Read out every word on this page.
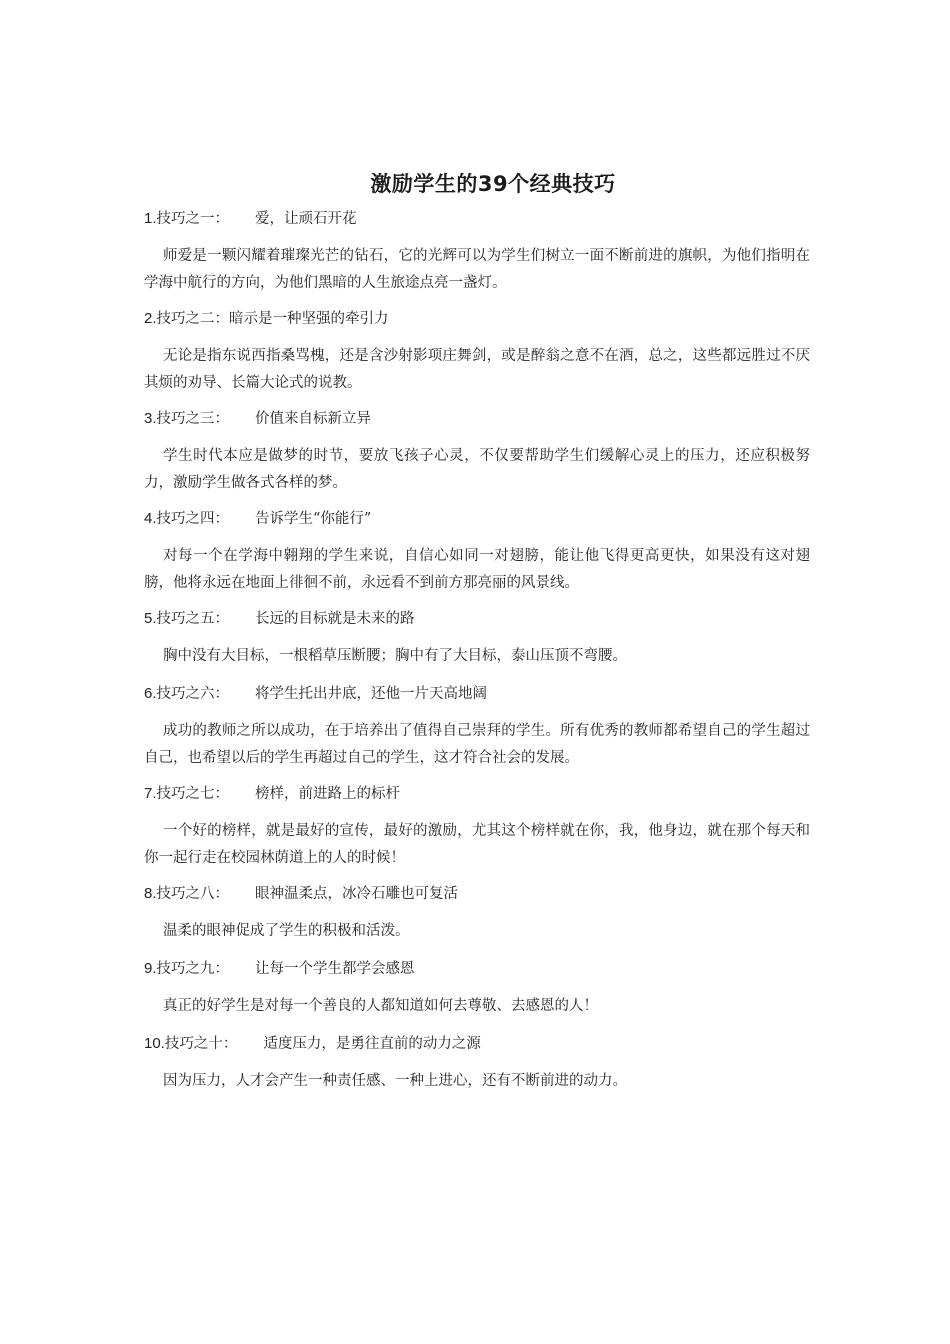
激励学生的39个经典技巧
1.技巧之一： 爱，让顽石开花
师爱是一颗闪耀着璀璨光芒的钻石，它的光辉可以为学生们树立一面不断前进的旗帜，为他们指明在学海中航行的方向，为他们黑暗的人生旅途点亮一盏灯。
2.技巧之二：暗示是一种坚强的牵引力
无论是指东说西指桑骂槐，还是含沙射影项庄舞剑，或是醉翁之意不在酒，总之，这些都远胜过不厌其烦的劝导、长篇大论式的说教。
3.技巧之三： 价值来自标新立异
学生时代本应是做梦的时节，要放飞孩子心灵，不仅要帮助学生们缓解心灵上的压力，还应积极努力，激励学生做各式各样的梦。
4.技巧之四： 告诉学生“你能行”
对每一个在学海中翱翔的学生来说，自信心如同一对翅膀，能让他飞得更高更快，如果没有这对翅膀，他将永远在地面上徘徊不前，永远看不到前方那亮丽的风景线。
5.技巧之五： 长远的目标就是未来的路
胸中没有大目标，一根稻草压断腰；胸中有了大目标，泰山压顶不弯腰。
6.技巧之六： 将学生托出井底，还他一片天高地阔
成功的教师之所以成功，在于培养出了值得自己崇拜的学生。所有优秀的教师都希望自己的学生超过自己，也希望以后的学生再超过自己的学生，这才符合社会的发展。
7.技巧之七： 榜样，前进路上的标杆
一个好的榜样，就是最好的宣传，最好的激励，尤其这个榜样就在你，我，他身边，就在那个每天和你一起行走在校园林荫道上的人的时候！
8.技巧之八： 眼神温柔点，冰冷石雕也可复活
温柔的眼神促成了学生的积极和活泼。
9.技巧之九： 让每一个学生都学会感恩
真正的好学生是对每一个善良的人都知道如何去尊敬、去感恩的人！
10.技巧之十： 适度压力，是勇往直前的动力之源
因为压力，人才会产生一种责任感、一种上进心，还有不断前进的动力。
